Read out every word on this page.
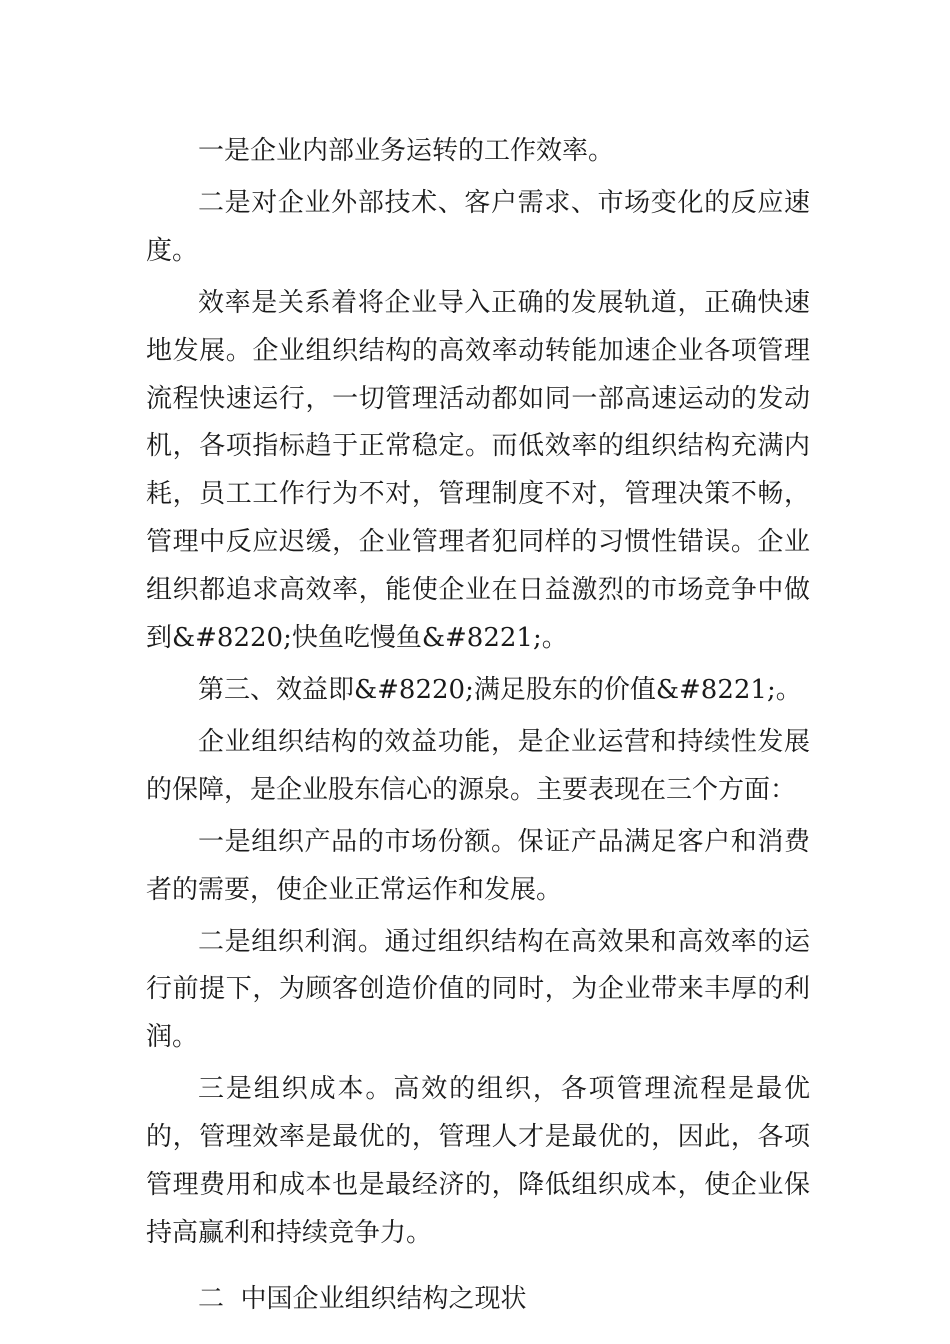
一是企业内部业务运转的工作效率。

二是对企业外部技术、客户需求、市场变化的反应速度。

效率是关系着将企业导入正确的发展轨道，正确快速地发展。企业组织结构的高效率动转能加速企业各项管理流程快速运行，一切管理活动都如同一部高速运动的发动机，各项指标趋于正常稳定。而低效率的组织结构充满内耗，员工工作行为不对，管理制度不对，管理决策不畅，管理中反应迟缓，企业管理者犯同样的习惯性错误。企业组织都追求高效率，能使企业在日益激烈的市场竞争中做到&#8220;快鱼吃慢鱼&#8221;。

第三、效益即&#8220;满足股东的价值&#8221;。

企业组织结构的效益功能，是企业运营和持续性发展的保障，是企业股东信心的源泉。主要表现在三个方面：

一是组织产品的市场份额。保证产品满足客户和消费者的需要，使企业正常运作和发展。

二是组织利润。通过组织结构在高效果和高效率的运行前提下，为顾客创造价值的同时，为企业带来丰厚的利润。

三是组织成本。高效的组织，各项管理流程是最优的，管理效率是最优的，管理人才是最优的，因此，各项管理费用和成本也是最经济的，降低组织成本，使企业保持高赢利和持续竞争力。

二  中国企业组织结构之现状
